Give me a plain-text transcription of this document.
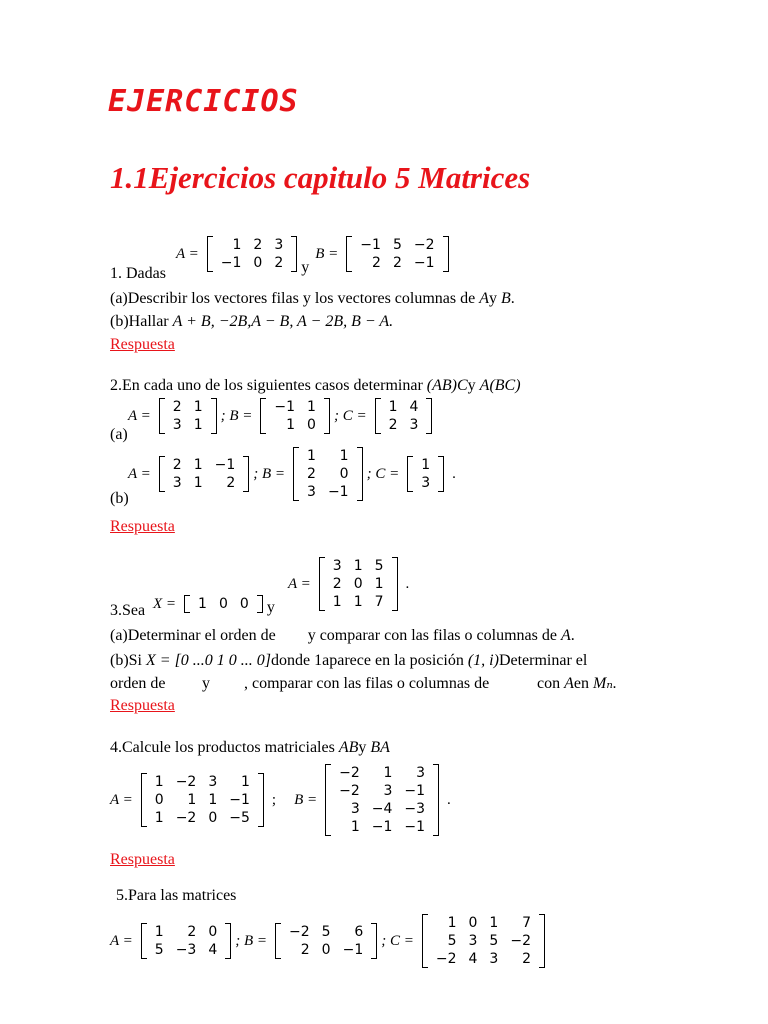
EJERCICIOS
1.1Ejercicios capitulo 5 Matrices
1. Dadas
A =
1	2	3
−1	0	2 y
B =
−1	5	−2
2	2	−1
(a)Describir los vectores filas y los vectores columnas de Ay B.
(b)Hallar A + B, −2B,A − B, A − 2B, B − A.
Respuesta
2.En cada uno de los siguientes casos determinar (AB)Cy A(BC)
(a)
A =
2	1
3	1
; B =
−1	1
1	0
; C =
1	4
2	3
(b)
A =
2	1	−1
3	1	2
; B =
1	1
2	0
3	−1
; C =
1
3
.
Respuesta
3.Sea X = 1	0	0 y
A =
3	1	5
2	0	1
1	1	7
.
(a)Determinar el orden de        y comparar con las filas o columnas de A.
(b)Si X = [0 ...0 1 0 ... 0]donde 1aparece en la posición (1, i)Determinar el
orden de y , comparar con las filas o columnas de	con Aen Mₙ.
Respuesta
4.Calcule los productos matriciales ABy BA
A =
1	−2	3	1
0	1	1	−1
1	−2	0	−5
; B =
−2	1	3
−2	3	−1
3	−4	−3
1	−1	−1
.
Respuesta
5.Para las matrices
A =
1	2	0
5	−3	4
; B =
−2	5	6
2	0	−1
; C =
1	0	1	7
5	3	5	−2
−2	4	3	2
